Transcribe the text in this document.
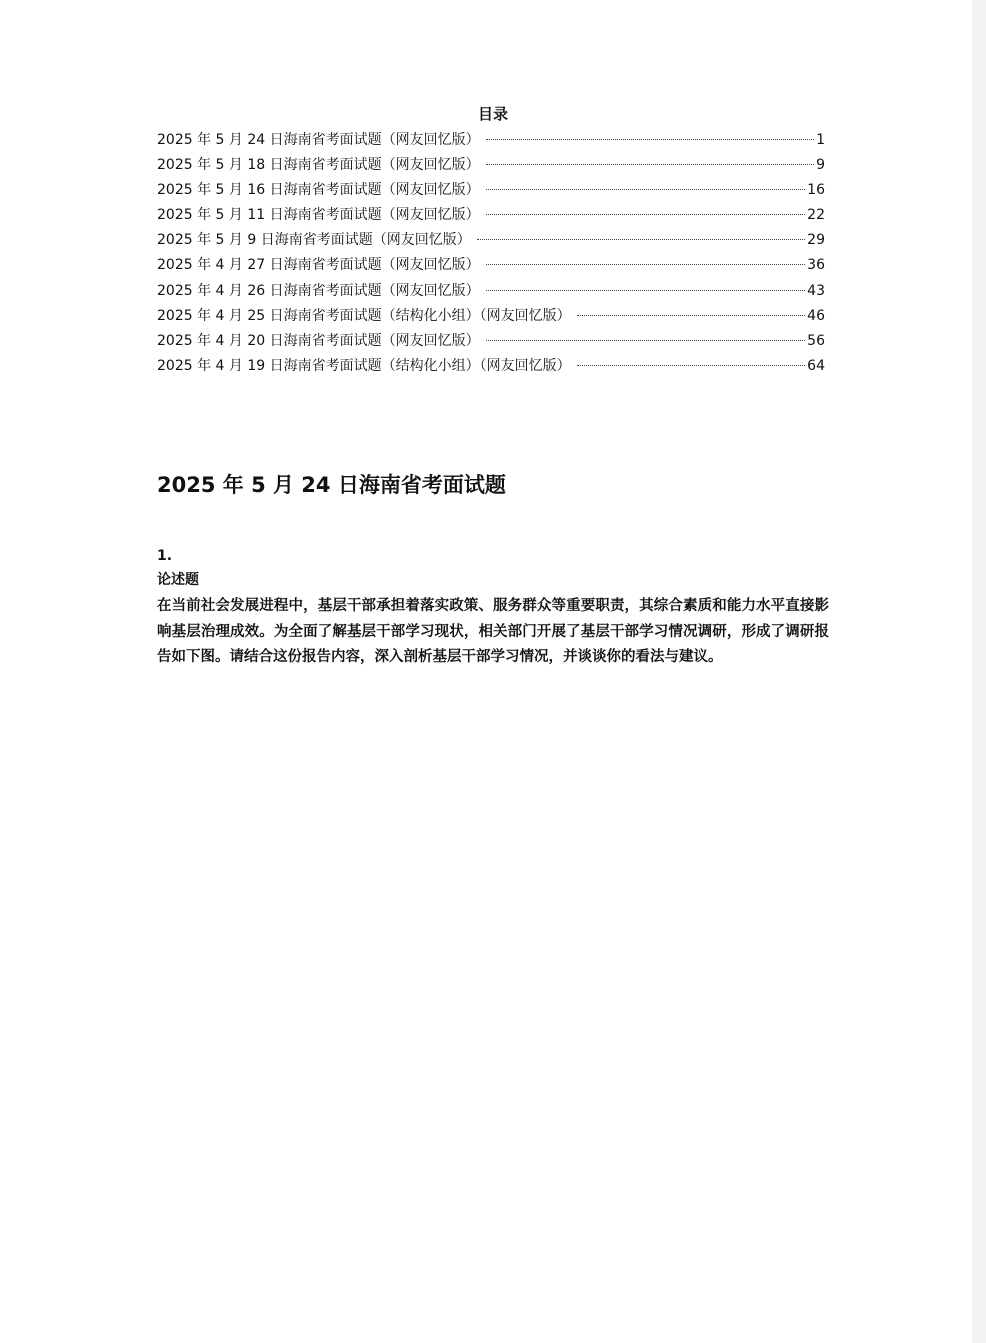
目录
2025 年 5 月 24 日海南省考面试题（网友回忆版）	1
2025 年 5 月 18 日海南省考面试题（网友回忆版）	9
2025 年 5 月 16 日海南省考面试题（网友回忆版）	16
2025 年 5 月 11 日海南省考面试题（网友回忆版）	22
2025 年 5 月 9 日海南省考面试题（网友回忆版）	29
2025 年 4 月 27 日海南省考面试题（网友回忆版）	36
2025 年 4 月 26 日海南省考面试题（网友回忆版）	43
2025 年 4 月 25 日海南省考面试题（结构化小组）（网友回忆版）	46
2025 年 4 月 20 日海南省考面试题（网友回忆版）	56
2025 年 4 月 19 日海南省考面试题（结构化小组）（网友回忆版）	64
2025 年 5 月 24 日海南省考面试题
1.
论述题
在当前社会发展进程中，基层干部承担着落实政策、服务群众等重要职责，其综合素质和能力水平直接影响基层治理成效。为全面了解基层干部学习现状，相关部门开展了基层干部学习情况调研，形成了调研报告如下图。请结合这份报告内容，深入剖析基层干部学习情况，并谈谈你的看法与建议。
